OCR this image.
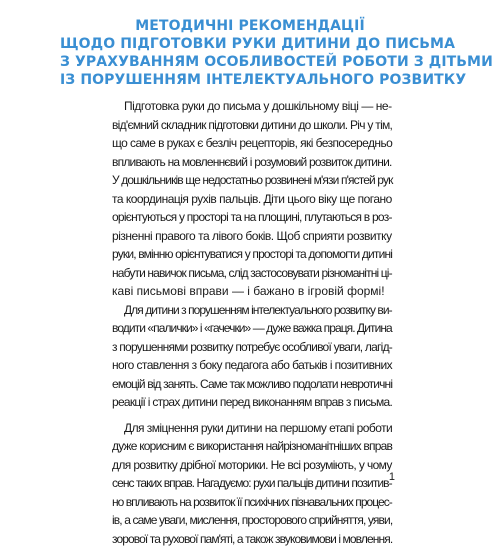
МЕТОДИЧНІ РЕКОМЕНДАЦІЇ
ЩОДО ПІДГОТОВКИ РУКИ ДИТИНИ ДО ПИСЬМА
З УРАХУВАННЯМ ОСОБЛИВОСТЕЙ РОБОТИ З ДІТЬМИ
ІЗ ПОРУШЕННЯМ ІНТЕЛЕКТУАЛЬНОГО РОЗВИТКУ

Підготовка руки до письма у дошкільному віці — не-
від'ємний складник підготовки дитини до школи. Річ у тім,
що саме в руках є безліч рецепторів, які безпосередньо
впливають на мовленнєвий і розумовий розвиток дитини.
У дошкільників ще недостатньо розвинені м'язи п'ястей рук
та координація рухів пальців. Діти цього віку ще погано
орієнтуються у просторі та на площині, плутаються в роз-
різненні правого та лівого боків. Щоб сприяти розвитку
руки, вмінню орієнтуватися у просторі та допомогти дитині
набути навичок письма, слід застосовувати різноманітні ці-
каві письмові вправи — і бажано в ігровій формі!

Для дитини з порушенням інтелектуального розвитку ви-
водити «палички» і «гачечки» — дуже важка праця. Дитина
з порушеннями розвитку потребує особливої уваги, лагід-
ного ставлення з боку педагога або батьків і позитивних
емоцій від занять. Саме так можливо подолати невротичні
реакції і страх дитини перед виконанням вправ з письма.

Для зміцнення руки дитини на першому етапі роботи
дуже корисним є використання найрізноманітніших вправ
для розвитку дрібної моторики. Не всі розуміють, у чому
сенс таких вправ. Нагадуємо: рухи пальців дитини позитив-
но впливають на розвиток її психічних пізнавальних процес-
ів, а саме уваги, мислення, просторового сприйняття, уяви,
зорової та рухової пам'яті, а також звуковимови і мовлення.

1
